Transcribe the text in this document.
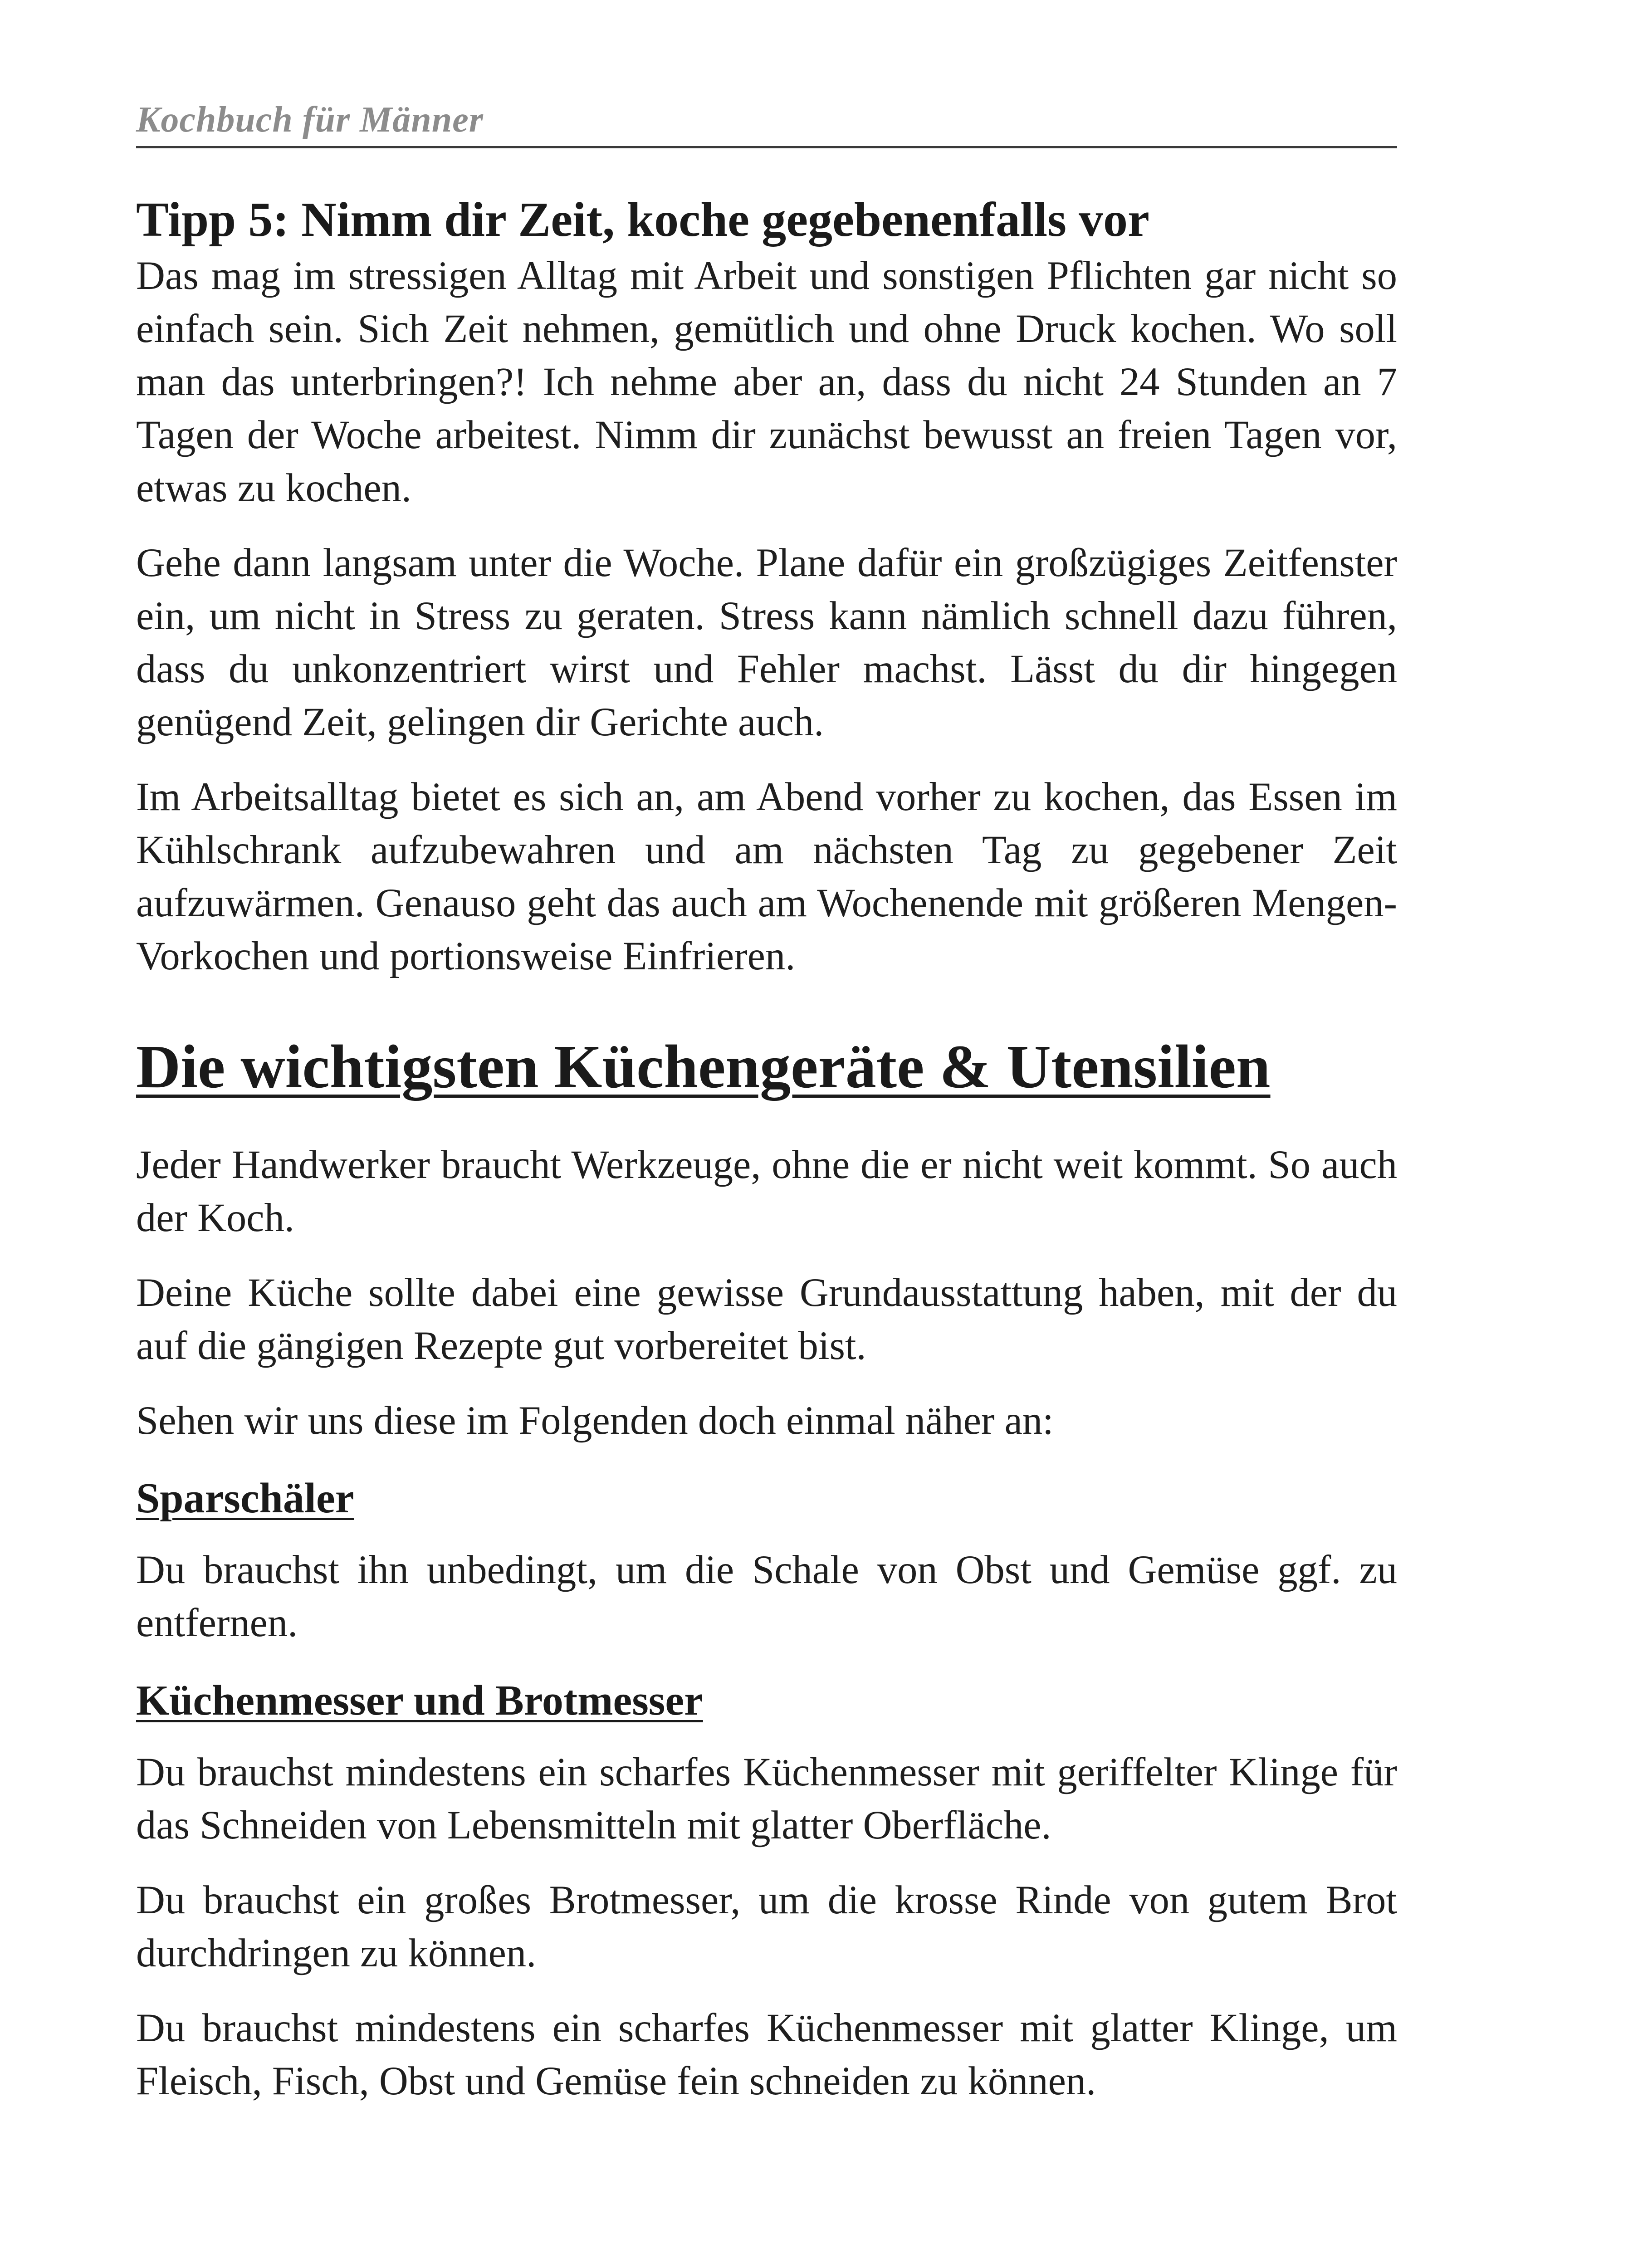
Kochbuch für Männer
Tipp 5: Nimm dir Zeit, koche gegebenenfalls vor

Das mag im stressigen Alltag mit Arbeit und sonstigen Pflichten gar nicht so einfach sein. Sich Zeit nehmen, gemütlich und ohne Druck kochen. Wo soll man das unterbringen?! Ich nehme aber an, dass du nicht 24 Stunden an 7 Tagen der Woche arbeitest. Nimm dir zunächst bewusst an freien Tagen vor, etwas zu kochen.

Gehe dann langsam unter die Woche. Plane dafür ein großzügiges Zeitfenster ein, um nicht in Stress zu geraten. Stress kann nämlich schnell dazu führen, dass du unkonzentriert wirst und Fehler machst. Lässt du dir hingegen genügend Zeit, gelingen dir Gerichte auch.

Im Arbeitsalltag bietet es sich an, am Abend vorher zu kochen, das Essen im Kühlschrank aufzubewahren und am nächsten Tag zu gegebener Zeit aufzuwärmen. Genauso geht das auch am Wochenende mit größeren Mengen- Vorkochen und portionsweise Einfrieren.

Die wichtigsten Küchengeräte & Utensilien

Jeder Handwerker braucht Werkzeuge, ohne die er nicht weit kommt. So auch der Koch.

Deine Küche sollte dabei eine gewisse Grundausstattung haben, mit der du auf die gängigen Rezepte gut vorbereitet bist.

Sehen wir uns diese im Folgenden doch einmal näher an:

Sparschäler

Du brauchst ihn unbedingt, um die Schale von Obst und Gemüse ggf. zu entfernen.

Küchenmesser und Brotmesser

Du brauchst mindestens ein scharfes Küchenmesser mit geriffelter Klinge für das Schneiden von Lebensmitteln mit glatter Oberfläche.

Du brauchst ein großes Brotmesser, um die krosse Rinde von gutem Brot durchdringen zu können.

Du brauchst mindestens ein scharfes Küchenmesser mit glatter Klinge, um Fleisch, Fisch, Obst und Gemüse fein schneiden zu können.
